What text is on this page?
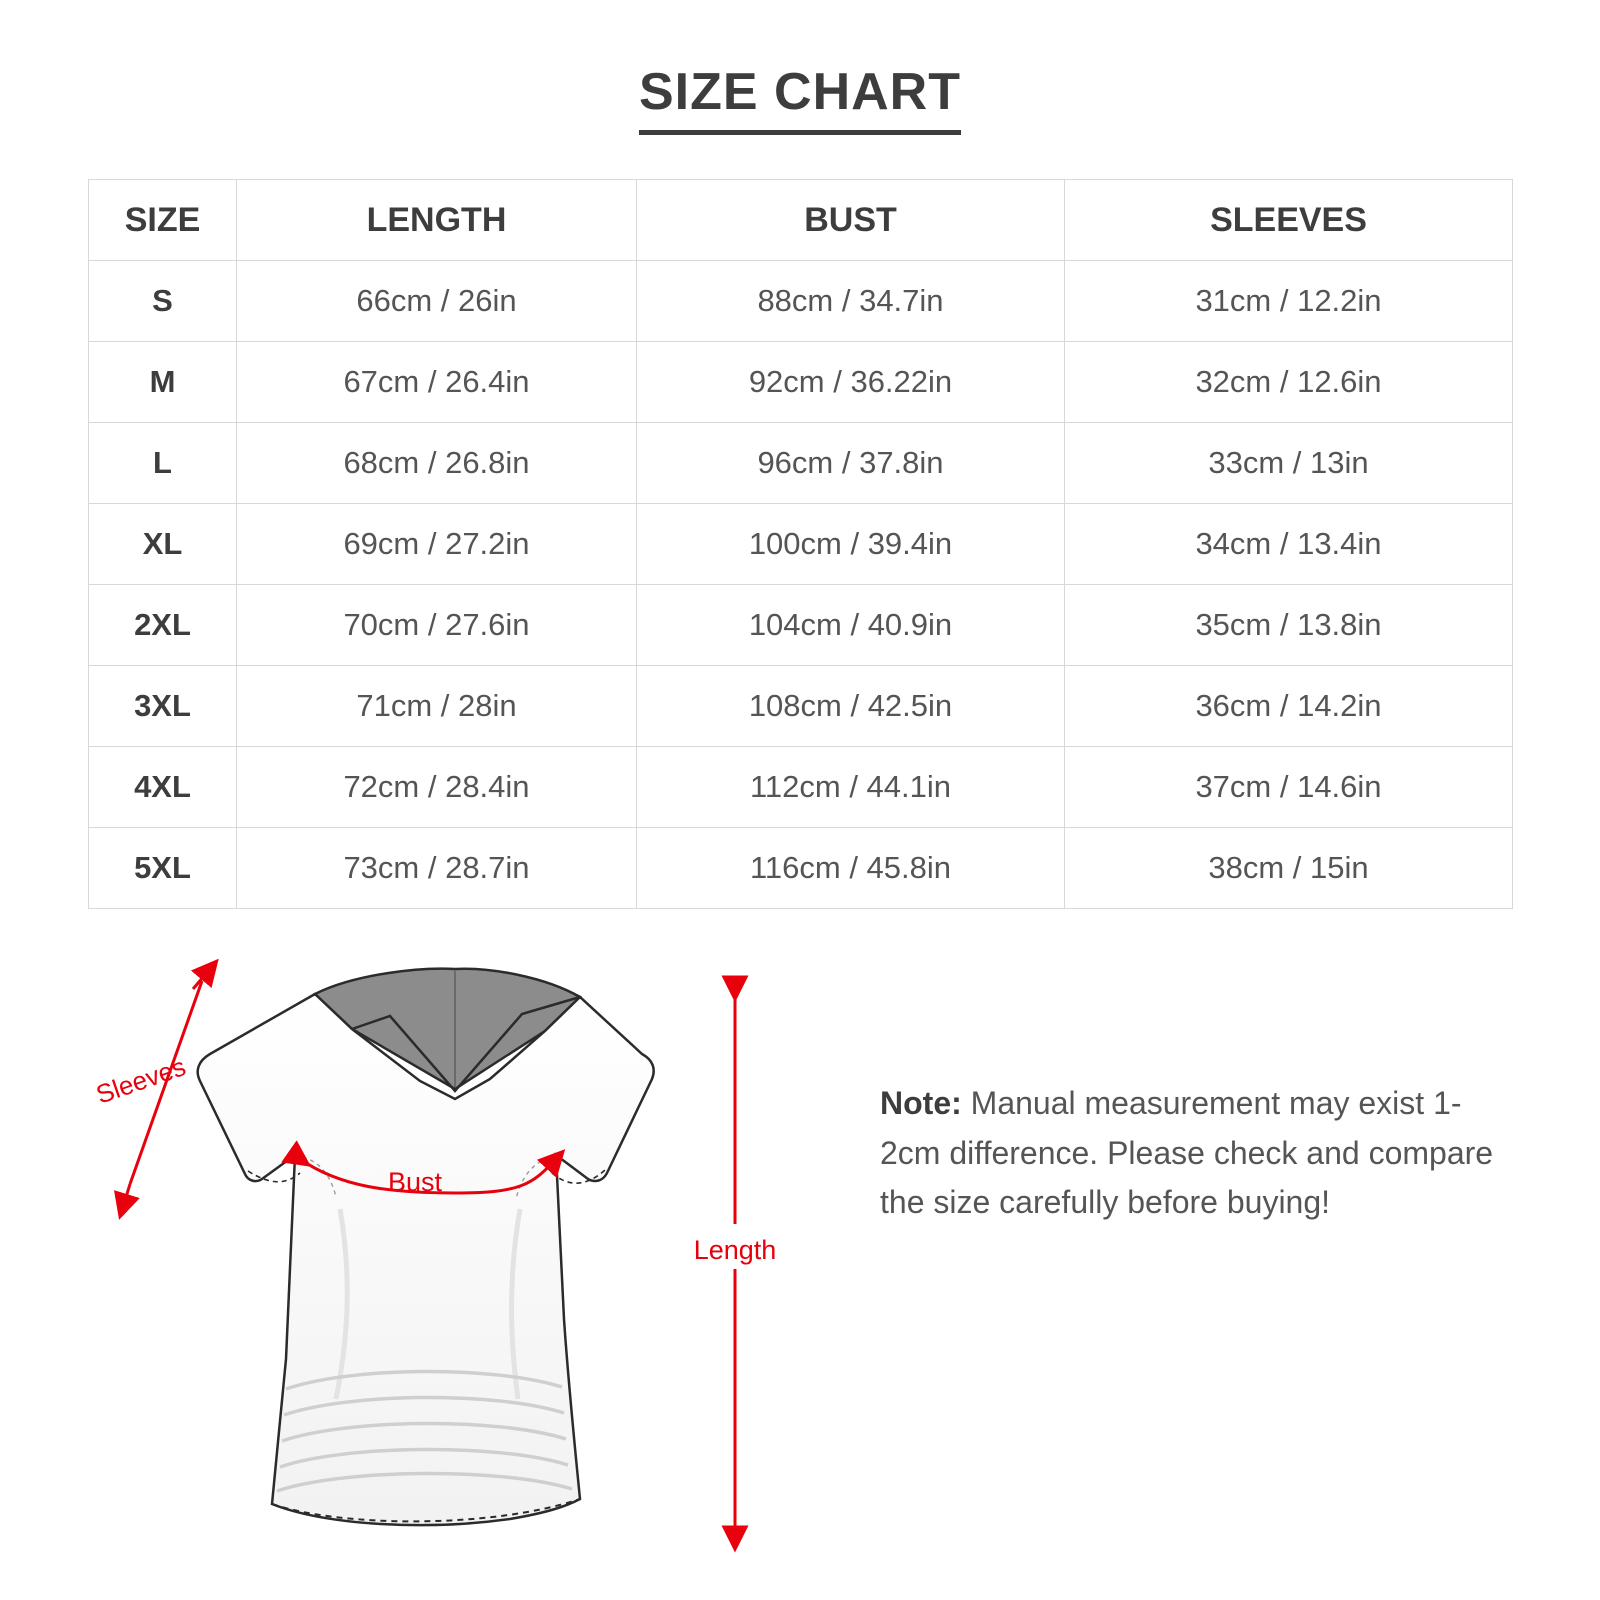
SIZE CHART
SIZE	LENGTH	BUST	SLEEVES
S	66cm / 26in	88cm / 34.7in	31cm / 12.2in
M	67cm / 26.4in	92cm / 36.22in	32cm / 12.6in
L	68cm / 26.8in	96cm / 37.8in	33cm / 13in
XL	69cm / 27.2in	100cm / 39.4in	34cm / 13.4in
2XL	70cm / 27.6in	104cm / 40.9in	35cm / 13.8in
3XL	71cm / 28in	108cm / 42.5in	36cm / 14.2in
4XL	72cm / 28.4in	112cm / 44.1in	37cm / 14.6in
5XL	73cm / 28.7in	116cm / 45.8in	38cm / 15in
Sleeves
Bust
Length
Note: Manual measurement may exist 1-2cm difference. Please check and compare the size carefully before buying!
